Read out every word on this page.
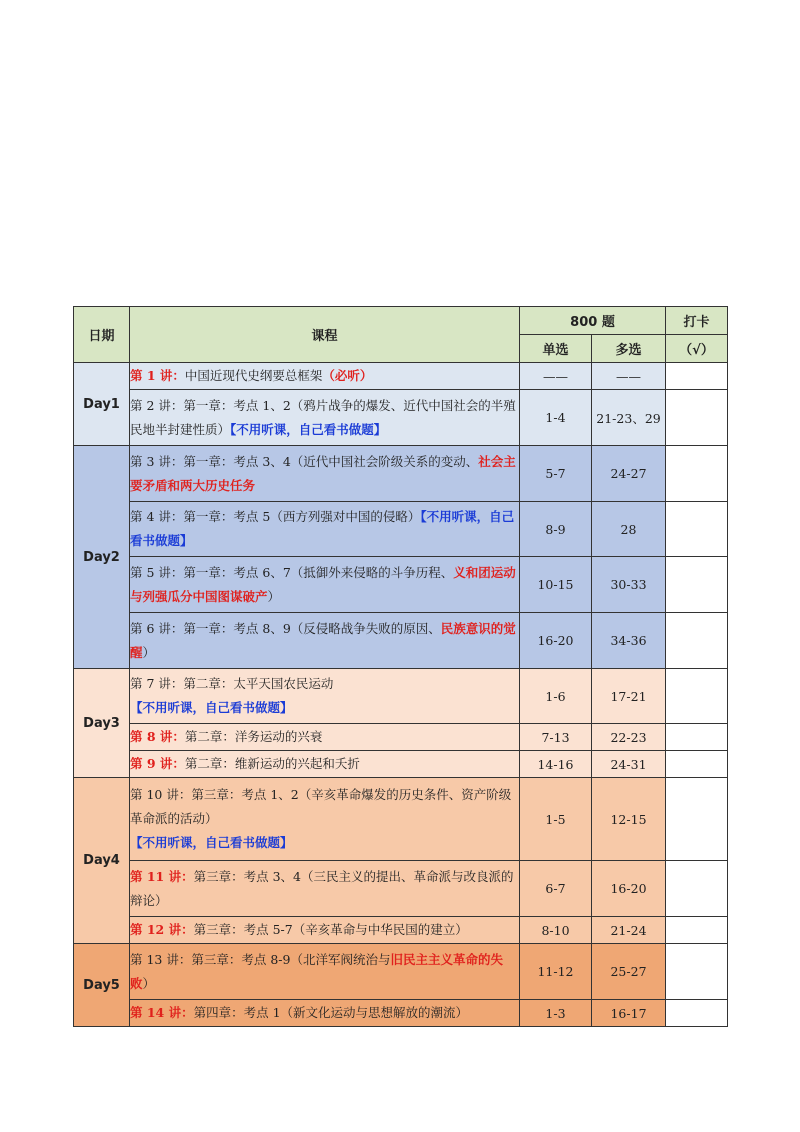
日期	课程	800 题		打卡
		单选	多选	（√）
Day1	第 1 讲：中国近现代史纲要总框架（必听）	——	——	
	第 2 讲：第一章：考点 1、2（鸦片战争的爆发、近代中国社会的半殖民地半封建性质）【不用听课，自己看书做题】	1-4	21-23、29	
Day2	第 3 讲：第一章：考点 3、4（近代中国社会阶级关系的变动、社会主要矛盾和两大历史任务	5-7	24-27	
	第 4 讲：第一章：考点 5（西方列强对中国的侵略）【不用听课，自己看书做题】	8-9	28	
	第 5 讲：第一章：考点 6、7（抵御外来侵略的斗争历程、义和团运动与列强瓜分中国图谋破产）	10-15	30-33	
	第 6 讲：第一章：考点 8、9（反侵略战争失败的原因、民族意识的觉醒）	16-20	34-36	
Day3	第 7 讲：第二章：太平天国农民运动
【不用听课，自己看书做题】	1-6	17-21	
	第 8 讲：第二章：洋务运动的兴衰	7-13	22-23	
	第 9 讲：第二章：维新运动的兴起和夭折	14-16	24-31	
Day4	第 10 讲：第三章：考点 1、2（辛亥革命爆发的历史条件、资产阶级革命派的活动）
【不用听课，自己看书做题】	1-5	12-15	
	第 11 讲：第三章：考点 3、4（三民主义的提出、革命派与改良派的辩论）	6-7	16-20	
	第 12 讲：第三章：考点 5-7（辛亥革命与中华民国的建立）	8-10	21-24	
Day5	第 13 讲：第三章：考点 8-9（北洋军阀统治与旧民主主义革命的失败）	11-12	25-27	
	第 14 讲：第四章：考点 1（新文化运动与思想解放的潮流）	1-3	16-17	
